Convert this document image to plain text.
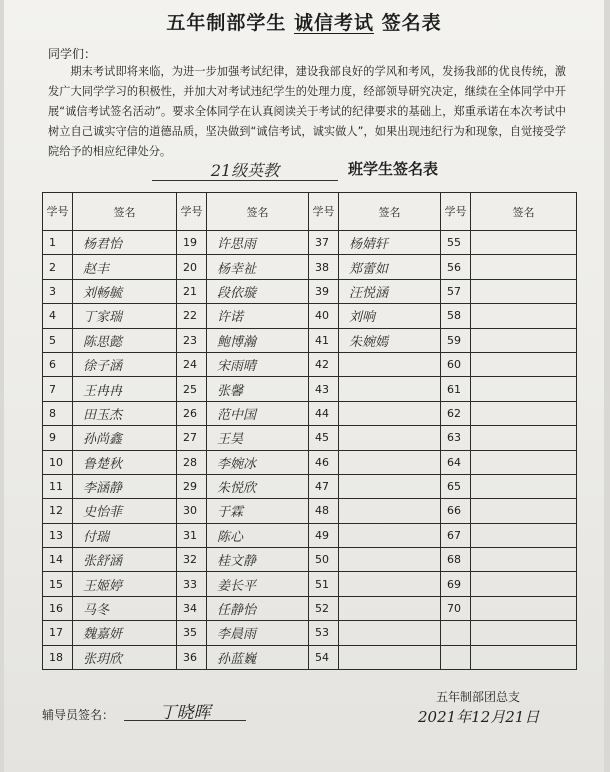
五年制部学生 诚信考试 签名表
同学们：
期末考试即将来临，为进一步加强考试纪律，建设我部良好的学风和考风，发扬我部的优良传统，激发广大同学学习的积极性，并加大对考试违纪学生的处理力度，经部领导研究决定，继续在全体同学中开展“诚信考试签名活动”。要求全体同学在认真阅读关于考试的纪律要求的基础上，郑重承诺在本次考试中树立自己诚实守信的道德品质，坚决做到“诚信考试，诚实做人”，如果出现违纪行为和现象，自觉接受学院给予的相应纪律处分。
21级英教	班学生签名表
学号	签名	学号	签名	学号	签名	学号	签名
1	杨君怡	19	许思雨	37	杨婧轩	55	
2	赵丰	20	杨幸祉	38	郑蕾如	56	
3	刘畅毓	21	段依璇	39	汪悦涵	57	
4	丁家瑞	22	许诺	40	刘响	58	
5	陈思懿	23	鲍博瀚	41	朱婉嫣	59	
6	徐子涵	24	宋雨晴	42		60	
7	王冉冉	25	张馨	43		61	
8	田玉杰	26	范中国	44		62	
9	孙尚鑫	27	王昊	45		63	
10	鲁楚秋	28	李婉冰	46		64	
11	李涵静	29	朱悦欣	47		65	
12	史怡菲	30	于霖	48		66	
13	付瑞	31	陈心	49		67	
14	张舒涵	32	桂文静	50		68	
15	王姬婷	33	姜长平	51		69	
16	马冬	34	任静怡	52		70	
17	魏嘉妍	35	李晨雨	53			
18	张玥欣	36	孙蓝巍	54			
辅导员签名：	丁晓晖
五年制部团总支
2021年12月21日
